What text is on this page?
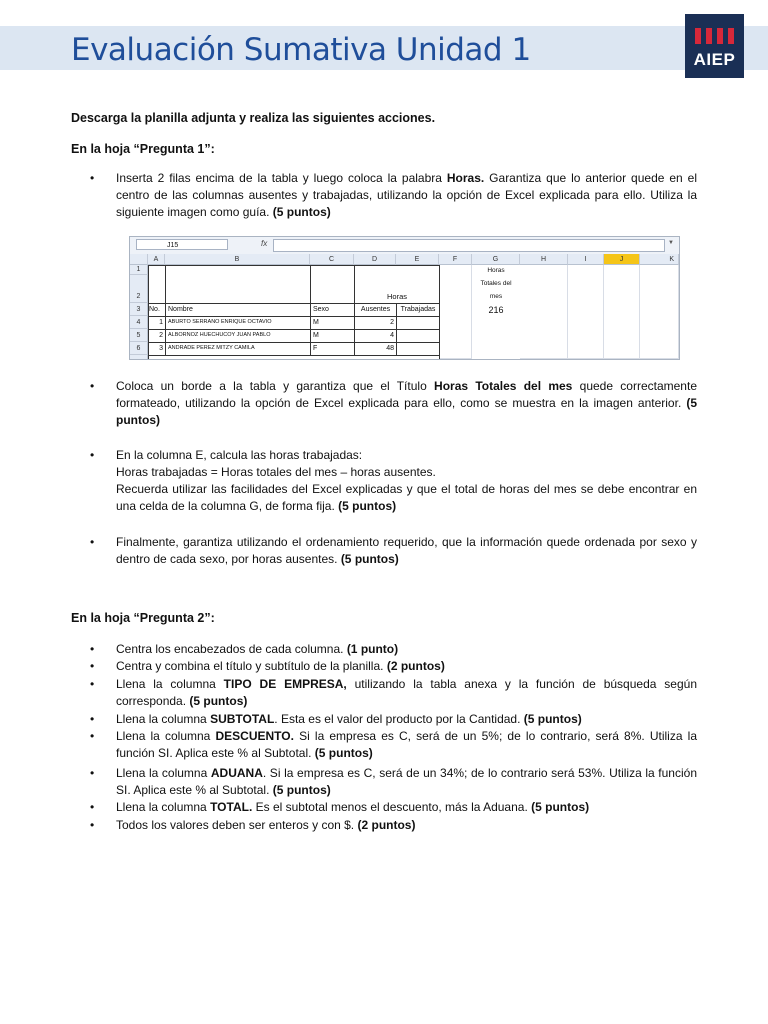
Evaluación Sumativa Unidad 1	AIEP
Descarga la planilla adjunta y realiza las siguientes acciones.
En la hoja “Pregunta 1”:
• Inserta 2 filas encima de la tabla y luego coloca la palabra Horas. Garantiza que lo anterior quede en el centro de las columnas ausentes y trabajadas, utilizando la opción de Excel explicada para ello. Utiliza la siguiente imagen como guía. (5 puntos)
J15	fx	▼
A	B	C	D	E	F	G	H	I	J	K
1
2
3
4
5
6
Horas
No.	Nombre	Sexo	Ausentes	Trabajadas
1 ABURTO SERRANO ENRIQUE OCTAVIO	M	2
2 ALBORNOZ HUECHUCOY JUAN PABLO	M	4
3 ANDRADE PEREZ MITZY CAMILA	F	48
Horas
Totales del
mes
216
• Coloca un borde a la tabla y garantiza que el Título Horas Totales del mes quede correctamente formateado, utilizando la opción de Excel explicada para ello, como se muestra en la imagen anterior. (5 puntos)
• En la columna E, calcula las horas trabajadas:
Horas trabajadas = Horas totales del mes – horas ausentes.
Recuerda utilizar las facilidades del Excel explicadas y que el total de horas del mes se debe encontrar en una celda de la columna G, de forma fija. (5 puntos)
• Finalmente, garantiza utilizando el ordenamiento requerido, que la información quede ordenada por sexo y dentro de cada sexo, por horas ausentes. (5 puntos)
En la hoja “Pregunta 2”:
• Centra los encabezados de cada columna. (1 punto)
• Centra y combina el título y subtítulo de la planilla. (2 puntos)
• Llena la columna TIPO DE EMPRESA, utilizando la tabla anexa y la función de búsqueda según corresponda. (5 puntos)
• Llena la columna SUBTOTAL. Esta es el valor del producto por la Cantidad. (5 puntos)
• Llena la columna DESCUENTO. Si la empresa es C, será de un 5%; de lo contrario, será 8%. Utiliza la función SI. Aplica este % al Subtotal. (5 puntos)
• Llena la columna ADUANA. Si la empresa es C, será de un 34%; de lo contrario será 53%. Utiliza la función SI. Aplica este % al Subtotal. (5 puntos)
• Llena la columna TOTAL. Es el subtotal menos el descuento, más la Aduana. (5 puntos)
• Todos los valores deben ser enteros y con $. (2 puntos)
